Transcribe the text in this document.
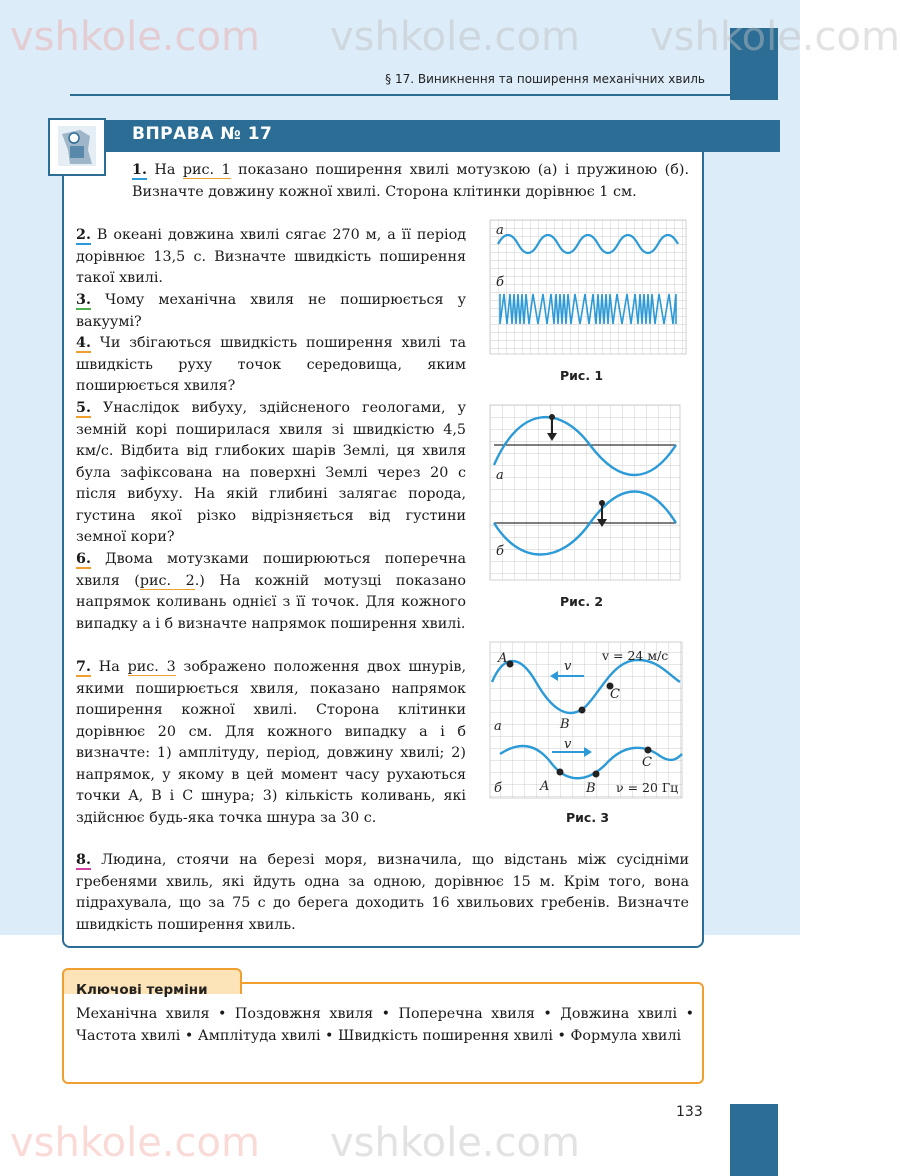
§ 17. Виникнення та поширення механічних хвиль
ВПРАВА № 17
1. На рис. 1 показано поширення хвилі мотузкою (а) і пружиною (б). Визначте довжину кожної хвилі. Сторона клітинки дорівнює 1 см.
2. В океані довжина хвилі сягає 270 м, а її період дорівнює 13,5 с. Визначте швидкість поширення такої хвилі.
3. Чому механічна хвиля не поширюється у вакуумі?
4. Чи збігаються швидкість поширення хвилі та швидкість руху точок середовища, яким поширюється хвиля?
5. Унаслідок вибуху, здійсненого геологами, у земній корі поширилася хвиля зі швидкістю 4,5 км/с. Відбита від глибоких шарів Землі, ця хвиля була зафіксована на поверхні Землі через 20 с після вибуху. На якій глибині залягає порода, густина якої різко відрізняється від густини земної кори?
6. Двома мотузками поширюються поперечна хвиля (рис. 2.) На кожній мотузці показано напрямок коливань однієї з її точок. Для кожного випадку а і б визначте напрямок поширення хвилі.
7. На рис. 3 зображено положення двох шнурів, якими поширюється хвиля, показано напрямок поширення кожної хвилі. Сторона клітинки дорівнює 20 см. Для кожного випадку а і б визначте: 1) амплітуду, період, довжину хвилі; 2) напрямок, у якому в цей момент часу рухаються точки A, B і C шнура; 3) кількість коливань, які здійснює будь-яка точка шнура за 30 с.
8. Людина, стоячи на березі моря, визначила, що відстань між сусідніми гребенями хвиль, які йдуть одна за одною, дорівнює 15 м. Крім того, вона підрахувала, що за 75 с до берега доходить 16 хвильових гребенів. Визначте швидкість поширення хвиль.
а
б
Рис. 1
а
б
Рис. 2
A
B
C
v
v = 24 м/с
а
v
A	B
C
б	ν = 20 Гц
Рис. 3
Ключові терміни
Механічна хвиля • Поздовжня хвиля • Поперечна хвиля • Довжина хвилі • Частота хвилі • Амплітуда хвилі • Швидкість поширення хвилі • Формула хвилі
133
vshkole.com vshkole.com vshkole.com
vshkole.com vshkole.com
